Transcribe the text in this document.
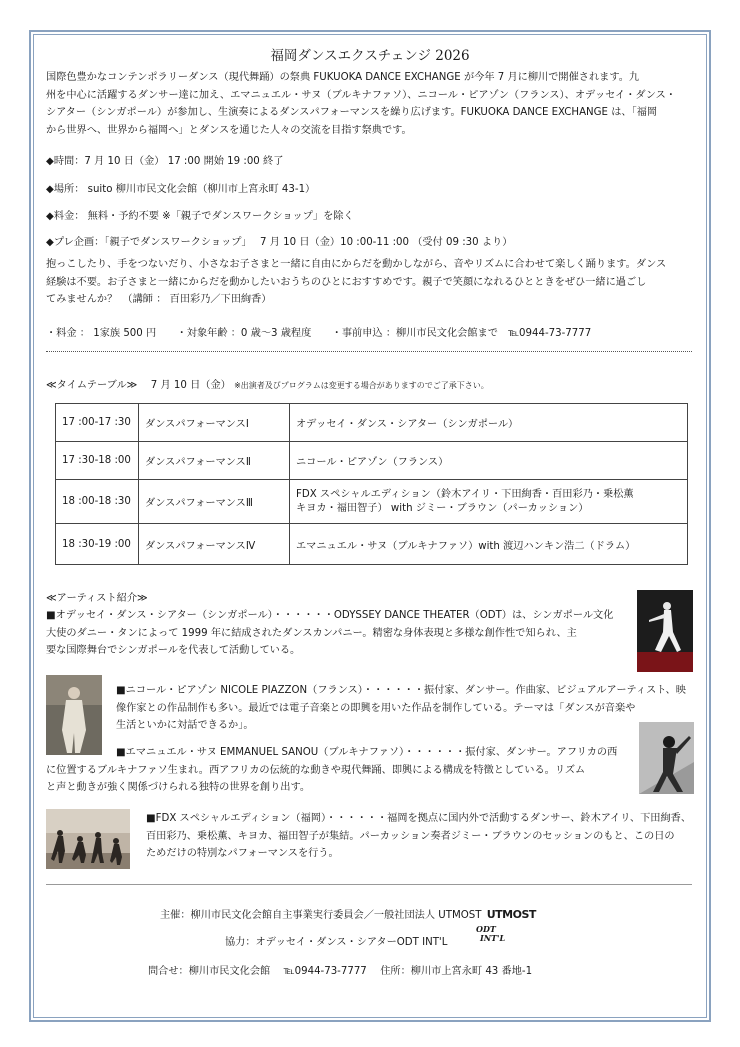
福岡ダンスエクスチェンジ 2026
国際色豊かなコンテンポラリーダンス（現代舞踊）の祭典 FUKUOKA DANCE EXCHANGE が今年 7 月に柳川で開催されます。九
州を中心に活躍するダンサー達に加え、エマニュエル・サヌ（ブルキナファソ）、ニコール・ピアゾン（フランス）、オデッセイ・ダンス・
シアター（シンガポール）が参加し、生演奏によるダンスパフォーマンスを繰り広げます。FUKUOKA DANCE EXCHANGE は、「福岡
から世界へ、世界から福岡へ」とダンスを通じた人々の交流を目指す祭典です。
◆時間：7 月 10 日（金） 17 :00 開始 19 :00 終了
◆場所： suito 柳川市民文化会館（柳川市上宮永町 43-1）
◆料金： 無料・予約不要 ※「親子でダンスワークショップ」を除く
◆プレ企画：「親子でダンスワークショップ」　 7 月 10 日（金）10 :00-11 :00 （受付 09 :30 より）
抱っこしたり、手をつないだり、小さなお子さまと一緒に自由にからだを動かしながら、音やリズムに合わせて楽しく踊ります。ダンス
経験は不要。お子さまと一緒にからだを動かしたいおうちのひとにおすすめです。親子で笑顔になれるひとときをぜひ一緒に過ごし
てみませんか？　（講師 ： 百田彩乃／下田絢香）
・料金 ： 1家族 500 円　　・対象年齢 ：0 歳～3 歳程度　　・事前申込 ：柳川市民文化会館まで　℡0944-73-7777
≪タイムテーブル≫　 7 月 10 日（金） ※出演者及びプログラムは変更する場合がありますのでご了承下さい。
17 :00-17 :30	ダンスパフォーマンスⅠ	オデッセイ・ダンス・シアター（シンガポール）

17 :30-18 :00	ダンスパフォーマンスⅡ	ニコール・ピアゾン（フランス）

18 :00-18 :30	ダンスパフォーマンスⅢ	FDX スペシャルエディション（鈴木アイリ・下田絢香・百田彩乃・乗松薫
キヨカ・福田智子） with ジミー・ブラウン（パーカッション）

18 :30-19 :00	ダンスパフォーマンスⅣ	エマニュエル・サヌ（ブルキナファソ）with 渡辺ハンキン浩二（ドラム）
≪アーティスト紹介≫
■オデッセイ・ダンス・シアター（シンガポール）・・・・・・ODYSSEY DANCE THEATER（ODT）は、シンガポール文化
大使のダニー・タンによって 1999 年に結成されたダンスカンパニー。精密な身体表現と多様な創作性で知られ、主
要な国際舞台でシンガポールを代表して活動している。
■ニコール・ピアゾン NICOLE PIAZZON（フランス）・・・・・・振付家、ダンサー。作曲家、ビジュアルアーティスト、映
像作家との作品制作も多い。最近では電子音楽との即興を用いた作品を制作している。テーマは「ダンスが音楽や
生活といかに対話できるか」。
■エマニュエル・サヌ EMMANUEL SANOU（ブルキナファソ）・・・・・・振付家、ダンサー。アフリカの西
に位置するブルキナファソ生まれ。西アフリカの伝統的な動きや現代舞踊、即興による構成を特徴としている。リズム
と声と動きが強く関係づけられる独特の世界を創り出す。
■FDX スペシャルエディション（福岡）・・・・・・福岡を拠点に国内外で活動するダンサー、鈴木アイリ、下田絢香、
百田彩乃、乗松薫、キヨカ、福田智子が集結。パーカッション奏者ジミー・ブラウンのセッションのもと、この日の
ためだけの特別なパフォーマンスを行う。
主催：柳川市民文化会館自主事業実行委員会／一般社団法人 UTMOST UTMOST
協力：オデッセイ・ダンス・シアターODT INT'L
ODT
INT'L
問合せ：柳川市民文化会館　 ℡0944-73-7777　 住所：柳川市上宮永町 43 番地-1
